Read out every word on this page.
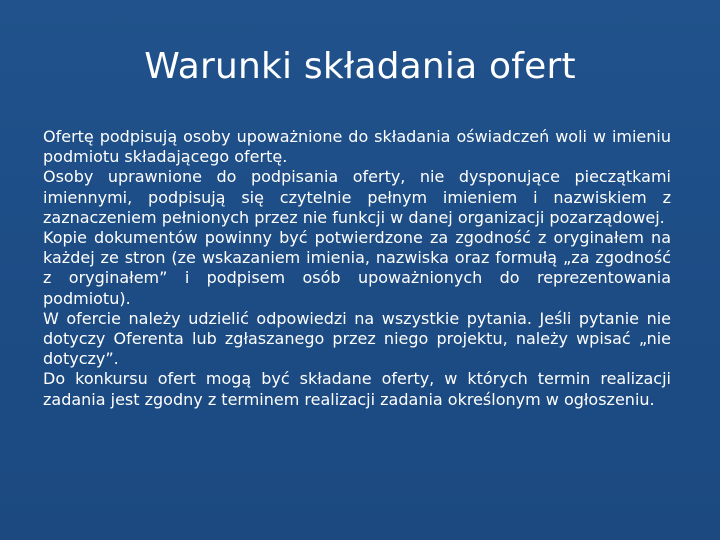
Warunki składania ofert

Ofertę podpisują osoby upoważnione do składania oświadczeń woli w imieniu podmiotu składającego ofertę.

Osoby uprawnione do podpisania oferty, nie dysponujące pieczątkami imiennymi, podpisują się czytelnie pełnym imieniem i nazwiskiem z zaznaczeniem pełnionych przez nie funkcji w danej organizacji pozarządowej.

Kopie dokumentów powinny być potwierdzone za zgodność z oryginałem na każdej ze stron (ze wskazaniem imienia, nazwiska oraz formułą „za zgodność z oryginałem” i podpisem osób upoważnionych do reprezentowania podmiotu).

W ofercie należy udzielić odpowiedzi na wszystkie pytania. Jeśli pytanie nie dotyczy Oferenta lub zgłaszanego przez niego projektu, należy wpisać „nie dotyczy”.

Do konkursu ofert mogą być składane oferty, w których termin realizacji zadania jest zgodny z terminem realizacji zadania określonym w ogłoszeniu.
